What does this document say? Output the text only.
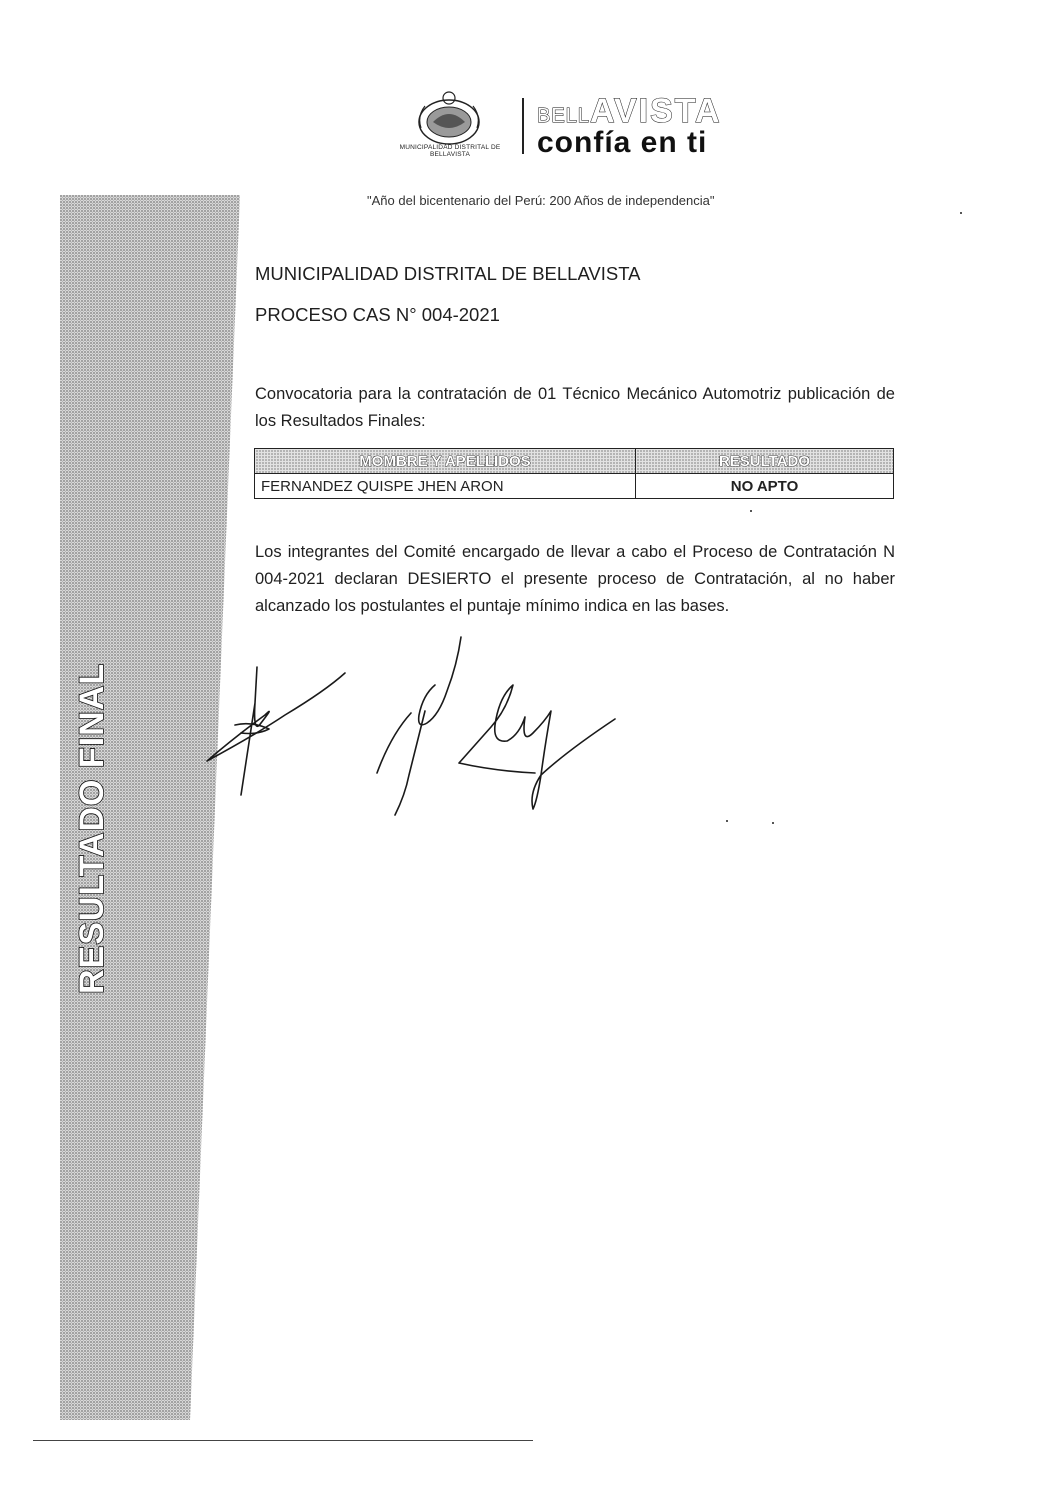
RESULTADO FINAL
MUNICIPALIDAD DISTRITAL DE BELLAVISTA
BELLAVISTA
confía en ti
"Año del bicentenario del Perú: 200 Años de independencia"
MUNICIPALIDAD DISTRITAL DE BELLAVISTA
PROCESO CAS N° 004-2021
Convocatoria para la contratación de 01 Técnico Mecánico Automotriz publicación de los Resultados Finales:
MOMBRE Y APELLIDOS	RESULTADO
FERNANDEZ QUISPE JHEN ARON	NO APTO
Los integrantes del Comité encargado de llevar a cabo el Proceso de Contratación N 004-2021 declaran DESIERTO el presente proceso de Contratación, al no haber alcanzado los postulantes el puntaje mínimo indica en las bases.
